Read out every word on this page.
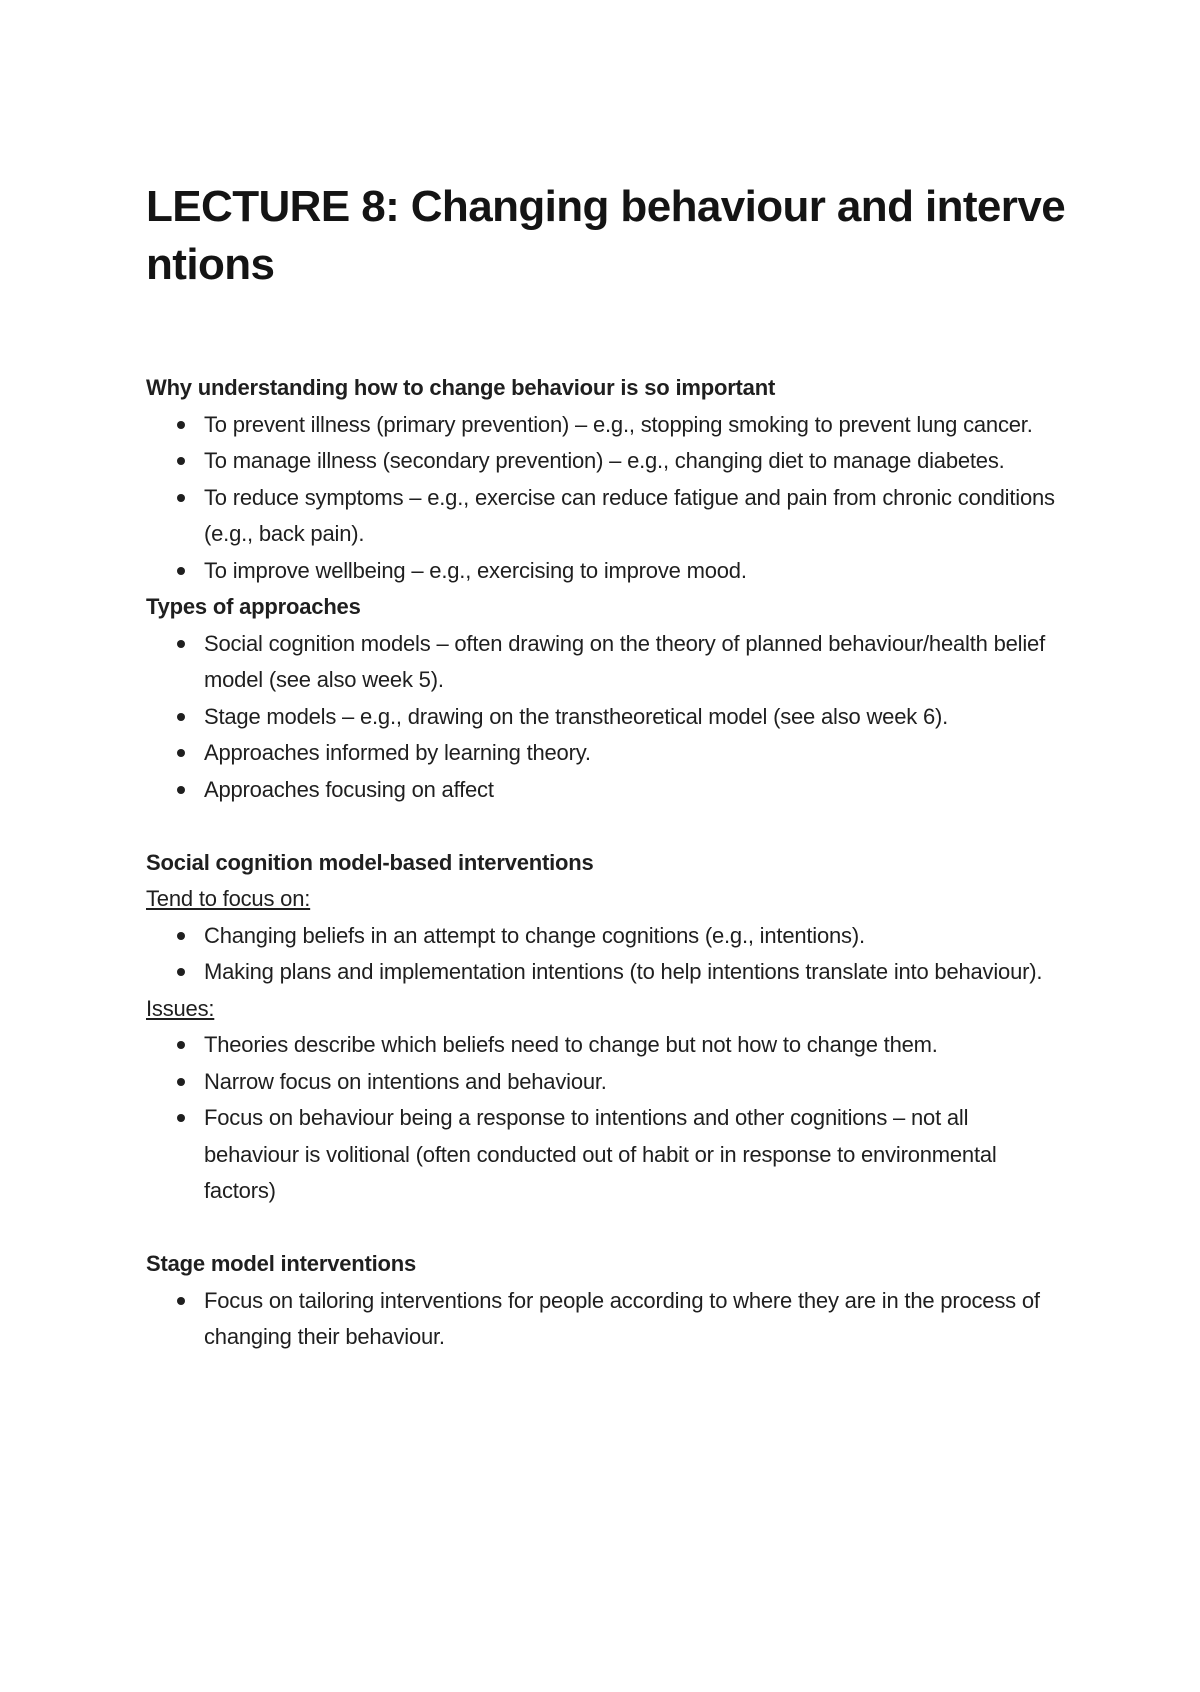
LECTURE 8: Changing behaviour and interventions

Why understanding how to change behaviour is so important

To prevent illness (primary prevention) – e.g., stopping smoking to prevent lung cancer.
To manage illness (secondary prevention) – e.g., changing diet to manage diabetes.
To reduce symptoms – e.g., exercise can reduce fatigue and pain from chronic conditions (e.g., back pain).
To improve wellbeing – e.g., exercising to improve mood.

Types of approaches

Social cognition models – often drawing on the theory of planned behaviour/health belief model (see also week 5).
Stage models – e.g., drawing on the transtheoretical model (see also week 6).
Approaches informed by learning theory.
Approaches focusing on affect

Social cognition model-based interventions

Tend to focus on:

Changing beliefs in an attempt to change cognitions (e.g., intentions).
Making plans and implementation intentions (to help intentions translate into behaviour).

Issues:

Theories describe which beliefs need to change but not how to change them.
Narrow focus on intentions and behaviour.
Focus on behaviour being a response to intentions and other cognitions – not all behaviour is volitional (often conducted out of habit or in response to environmental factors)

Stage model interventions

Focus on tailoring interventions for people according to where they are in the process of changing their behaviour.
